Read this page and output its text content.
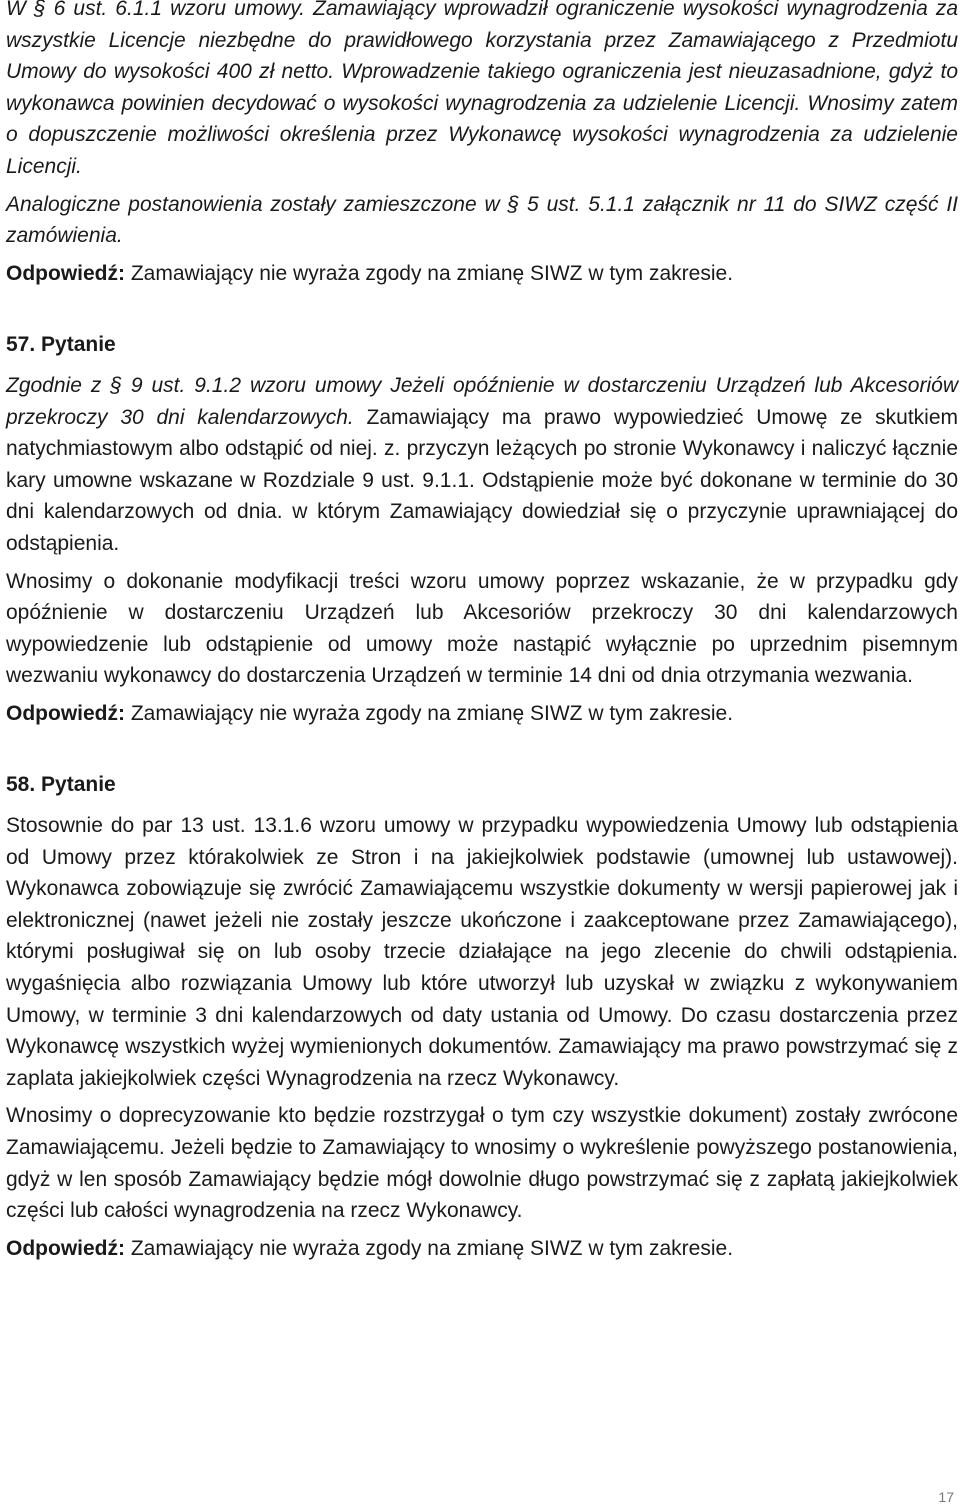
W § 6 ust. 6.1.1 wzoru umowy. Zamawiający wprowadził ograniczenie wysokości wynagrodzenia za wszystkie Licencje niezbędne do prawidłowego korzystania przez Zamawiającego z Przedmiotu Umowy do wysokości 400 zł netto. Wprowadzenie takiego ograniczenia jest nieuzasadnione, gdyż to wykonawca powinien decydować o wysokości wynagrodzenia za udzielenie Licencji. Wnosimy zatem o dopuszczenie możliwości określenia przez Wykonawcę wysokości wynagrodzenia za udzielenie Licencji.

Analogiczne postanowienia zostały zamieszczone w § 5 ust. 5.1.1 załącznik nr 11 do SIWZ część II zamówienia.

Odpowiedź: Zamawiający nie wyraża zgody na zmianę SIWZ w tym zakresie.

57. Pytanie

Zgodnie z § 9 ust. 9.1.2 wzoru umowy Jeżeli opóźnienie w dostarczeniu Urządzeń lub Akcesoriów przekroczy 30 dni kalendarzowych. Zamawiający ma prawo wypowiedzieć Umowę ze skutkiem natychmiastowym albo odstąpić od niej. z. przyczyn leżących po stronie Wykonawcy i naliczyć łącznie kary umowne wskazane w Rozdziale 9 ust. 9.1.1. Odstąpienie może być dokonane w terminie do 30 dni kalendarzowych od dnia. w którym Zamawiający dowiedział się o przyczynie uprawniającej do odstąpienia.

Wnosimy o dokonanie modyfikacji treści wzoru umowy poprzez wskazanie, że w przypadku gdy opóźnienie w dostarczeniu Urządzeń lub Akcesoriów przekroczy 30 dni kalendarzowych wypowiedzenie lub odstąpienie od umowy może nastąpić wyłącznie po uprzednim pisemnym wezwaniu wykonawcy do dostarczenia Urządzeń w terminie 14 dni od dnia otrzymania wezwania.

Odpowiedź: Zamawiający nie wyraża zgody na zmianę SIWZ w tym zakresie.

58. Pytanie

Stosownie do par 13 ust. 13.1.6 wzoru umowy w przypadku wypowiedzenia Umowy lub odstąpienia od Umowy przez którakolwiek ze Stron i na jakiejkolwiek podstawie (umownej lub ustawowej). Wykonawca zobowiązuje się zwrócić Zamawiającemu wszystkie dokumenty w wersji papierowej jak i elektronicznej (nawet jeżeli nie zostały jeszcze ukończone i zaakceptowane przez Zamawiającego), którymi posługiwał się on lub osoby trzecie działające na jego zlecenie do chwili odstąpienia. wygaśnięcia albo rozwiązania Umowy lub które utworzył lub uzyskał w związku z wykonywaniem Umowy, w terminie 3 dni kalendarzowych od daty ustania od Umowy. Do czasu dostarczenia przez Wykonawcę wszystkich wyżej wymienionych dokumentów. Zamawiający ma prawo powstrzymać się z zaplata jakiejkolwiek części Wynagrodzenia na rzecz Wykonawcy.

Wnosimy o doprecyzowanie kto będzie rozstrzygał o tym czy wszystkie dokument) zostały zwrócone Zamawiającemu. Jeżeli będzie to Zamawiający to wnosimy o wykreślenie powyższego postanowienia, gdyż w len sposób Zamawiający będzie mógł dowolnie długo powstrzymać się z zapłatą jakiejkolwiek części lub całości wynagrodzenia na rzecz Wykonawcy.

Odpowiedź: Zamawiający nie wyraża zgody na zmianę SIWZ w tym zakresie.

17
